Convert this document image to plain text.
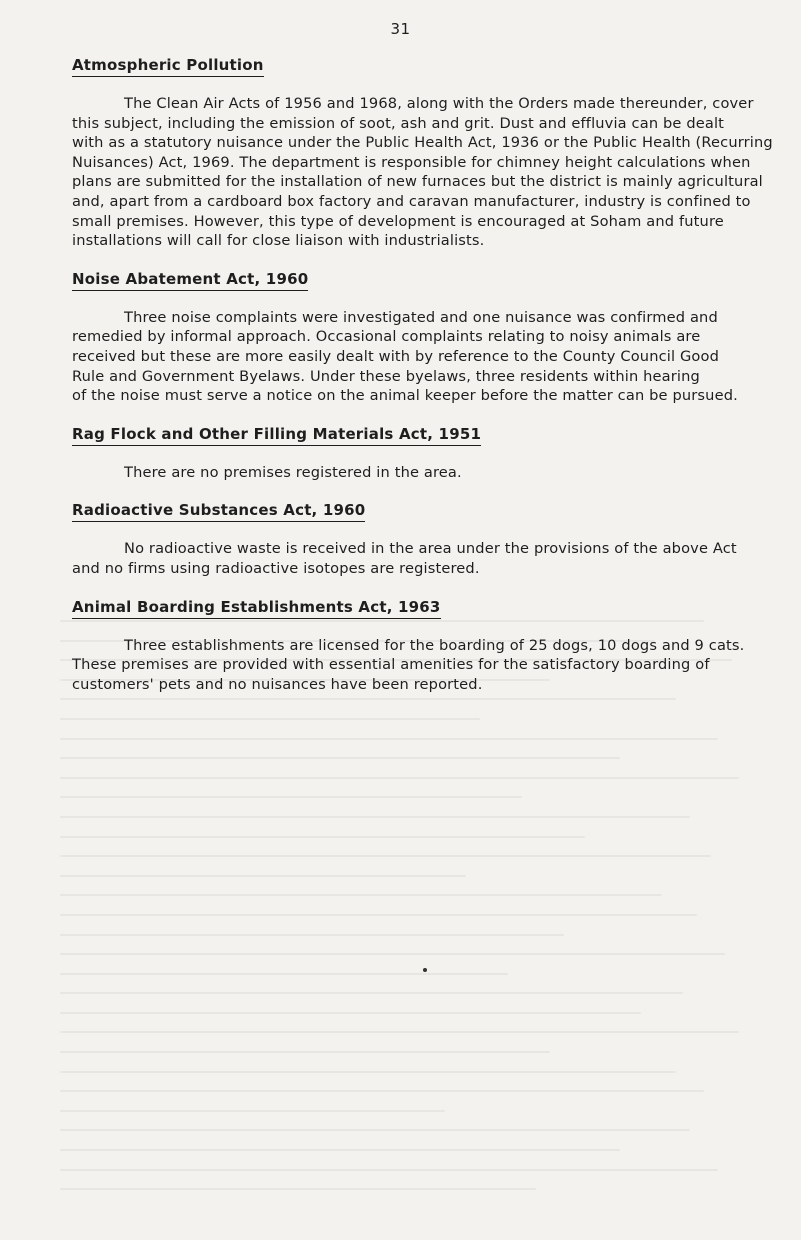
31
Atmospheric Pollution

The Clean Air Acts of 1956 and 1968, along with the Orders made thereunder, cover
this subject, including the emission of soot, ash and grit. Dust and effluvia can be dealt
with as a statutory nuisance under the Public Health Act, 1936 or the Public Health (Recurring
Nuisances) Act, 1969. The department is responsible for chimney height calculations when
plans are submitted for the installation of new furnaces but the district is mainly agricultural
and, apart from a cardboard box factory and caravan manufacturer, industry is confined to
small premises. However, this type of development is encouraged at Soham and future
installations will call for close liaison with industrialists.

Noise Abatement Act, 1960

Three noise complaints were investigated and one nuisance was confirmed and
remedied by informal approach. Occasional complaints relating to noisy animals are
received but these are more easily dealt with by reference to the County Council Good
Rule and Government Byelaws. Under these byelaws, three residents within hearing
of the noise must serve a notice on the animal keeper before the matter can be pursued.

Rag Flock and Other Filling Materials Act, 1951

There are no premises registered in the area.

Radioactive Substances Act, 1960

No radioactive waste is received in the area under the provisions of the above Act
and no firms using radioactive isotopes are registered.

Animal Boarding Establishments Act, 1963

Three establishments are licensed for the boarding of 25 dogs, 10 dogs and 9 cats.
These premises are provided with essential amenities for the satisfactory boarding of
customers' pets and no nuisances have been reported.
